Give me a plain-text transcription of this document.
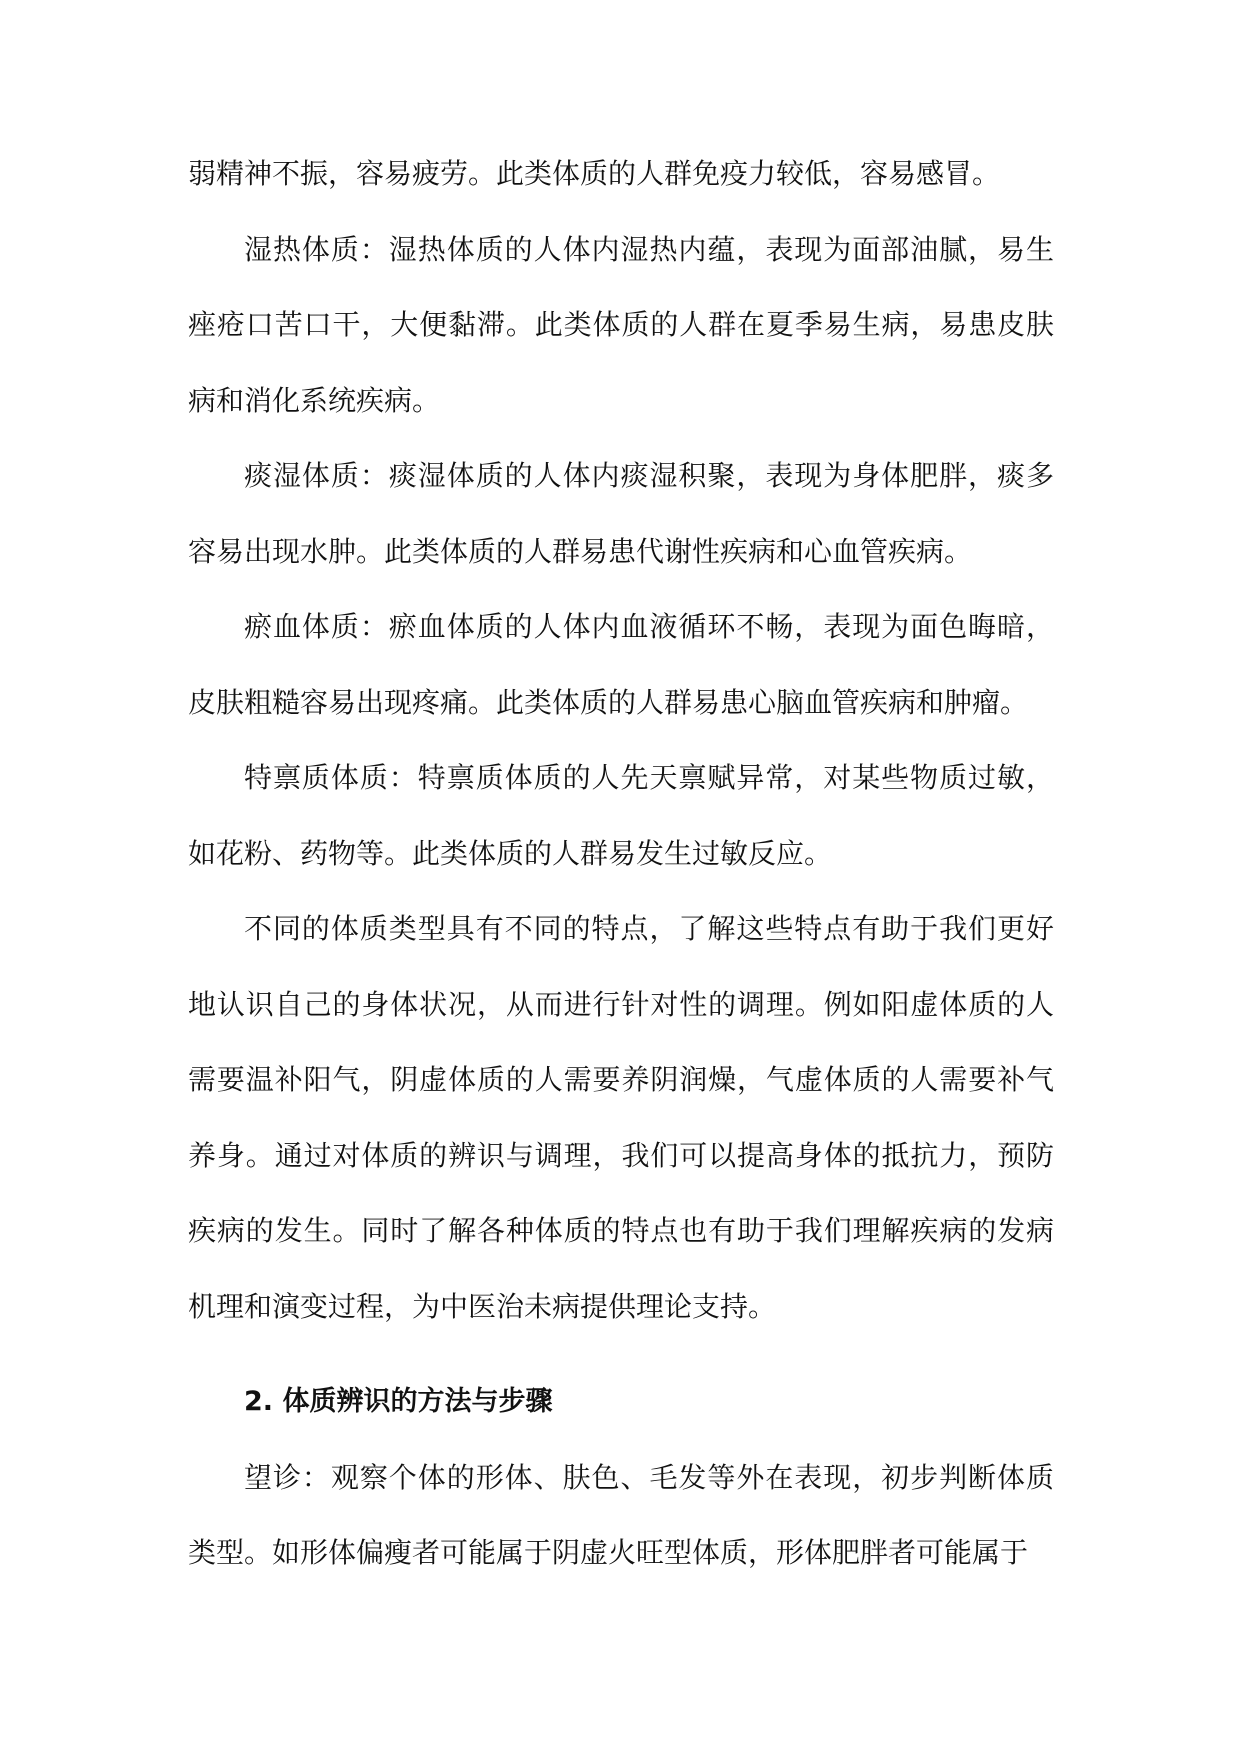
弱精神不振，容易疲劳。此类体质的人群免疫力较低，容易感冒。

湿热体质：湿热体质的人体内湿热内蕴，表现为面部油腻，易生痤疮口苦口干，大便黏滞。此类体质的人群在夏季易生病，易患皮肤病和消化系统疾病。

痰湿体质：痰湿体质的人体内痰湿积聚，表现为身体肥胖，痰多容易出现水肿。此类体质的人群易患代谢性疾病和心血管疾病。

瘀血体质：瘀血体质的人体内血液循环不畅，表现为面色晦暗，皮肤粗糙容易出现疼痛。此类体质的人群易患心脑血管疾病和肿瘤。

特禀质体质：特禀质体质的人先天禀赋异常，对某些物质过敏，如花粉、药物等。此类体质的人群易发生过敏反应。

不同的体质类型具有不同的特点，了解这些特点有助于我们更好地认识自己的身体状况，从而进行针对性的调理。例如阳虚体质的人需要温补阳气，阴虚体质的人需要养阴润燥，气虚体质的人需要补气养身。通过对体质的辨识与调理，我们可以提高身体的抵抗力，预防疾病的发生。同时了解各种体质的特点也有助于我们理解疾病的发病机理和演变过程，为中医治未病提供理论支持。

2. 体质辨识的方法与步骤

望诊：观察个体的形体、肤色、毛发等外在表现，初步判断体质类型。如形体偏瘦者可能属于阴虚火旺型体质，形体肥胖者可能属于
